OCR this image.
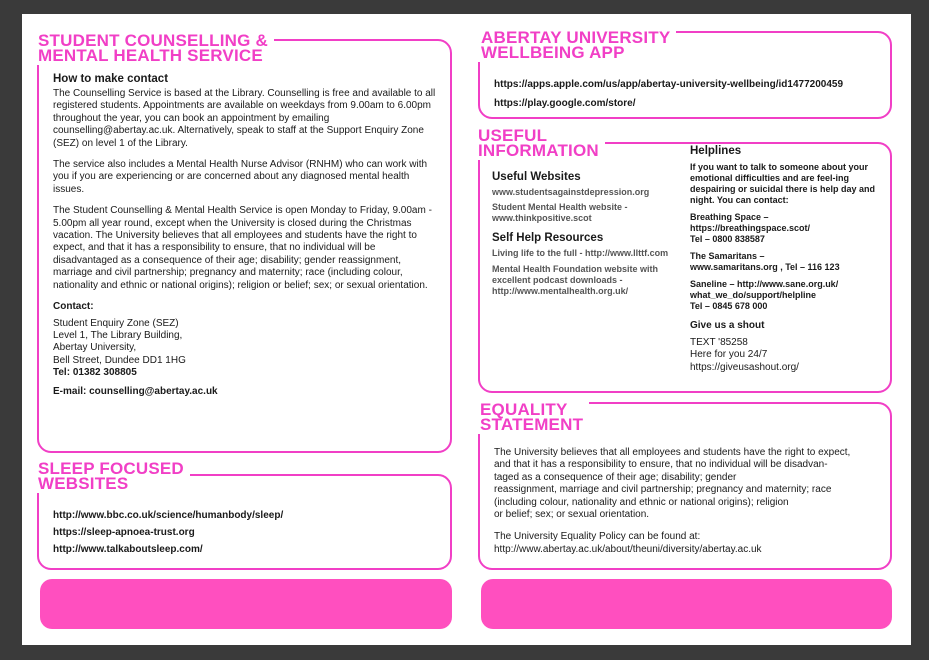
STUDENT COUNSELLING &
MENTAL HEALTH SERVICE

How to make contact

The Counselling Service is based at the Library. Counselling is free and available to all registered students. Appointments are available on weekdays from 9.00am to 6.00pm throughout the year, you can book an appointment by emailing counselling@abertay.ac.uk. Alternatively, speak to staff at the Support Enquiry Zone (SEZ) on level 1 of the Library.

The service also includes a Mental Health Nurse Advisor (RNHM) who can work with you if you are experiencing or are concerned about any diagnosed mental health issues.

The Student Counselling & Mental Health Service is open Monday to Friday, 9.00am - 5.00pm all year round, except when the University is closed during the Christmas vacation. The University believes that all employees and students have the right to expect, and that it has a responsibility to ensure, that no individual will be disadvantaged as a consequence of their age; disability; gender reassignment, marriage and civil partnership; pregnancy and maternity; race (including colour, nationality and ethnic or national origins); religion or belief; sex; or sexual orientation.

Contact:

Student Enquiry Zone (SEZ)

Level 1, The Library Building,

Abertay University,

Bell Street, Dundee DD1 1HG

Tel: 01382 308805

E-mail: counselling@abertay.ac.uk

SLEEP FOCUSED
WEBSITES

http://www.bbc.co.uk/science/humanbody/sleep/

https://sleep-apnoea-trust.org

http://www.talkaboutsleep.com/

ABERTAY UNIVERSITY
WELLBEING APP

https://apps.apple.com/us/app/abertay-university-wellbeing/id1477200459

https://play.google.com/store/

USEFUL
INFORMATION

Useful Websites

www.studentsagainstdepression.org

Student Mental Health website - www.thinkpositive.scot

Self Help Resources

Living life to the full - http://www.llttf.com

Mental Health Foundation website with excellent podcast downloads - http://www.mentalhealth.org.uk/

Helplines

If you want to talk to someone about your emotional difficulties and are feel-ing despairing or suicidal there is help day and night. You can contact:

Breathing Space –

https://breathingspace.scot/

Tel – 0800 838587

The Samaritans –

www.samaritans.org , Tel – 116 123

Saneline – http://www.sane.org.uk/

what_we_do/support/helpline

Tel – 0845 678 000

Give us a shout

TEXT '85258

Here for you 24/7

https://giveusashout.org/

EQUALITY
STATEMENT

The University believes that all employees and students have the right to expect,

and that it has a responsibility to ensure, that no individual will be disadvan-

taged as a consequence of their age; disability; gender

reassignment, marriage and civil partnership; pregnancy and maternity; race

(including colour, nationality and ethnic or national origins); religion

or belief; sex; or sexual orientation.

The University Equality Policy can be found at:

http://www.abertay.ac.uk/about/theuni/diversity/abertay.ac.uk
